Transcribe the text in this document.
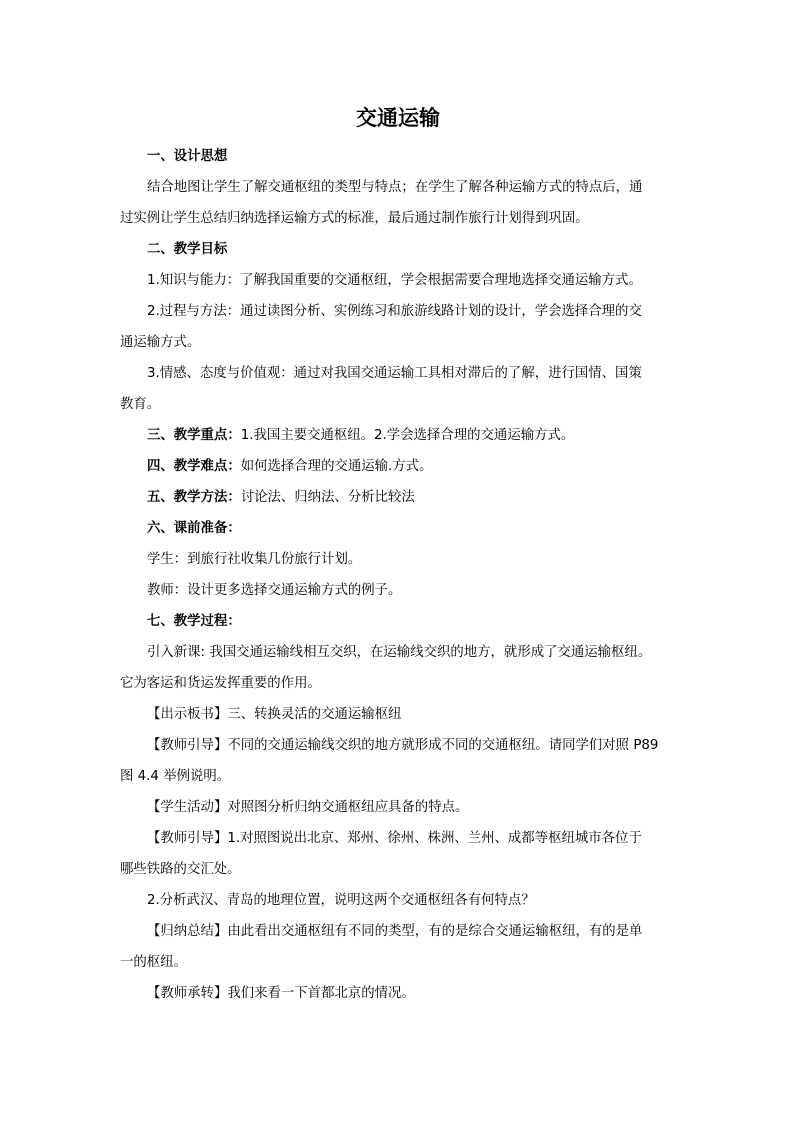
交通运输

一、设计思想

结合地图让学生了解交通枢纽的类型与特点；在学生了解各种运输方式的特点后，通

过实例让学生总结归纳选择运输方式的标准，最后通过制作旅行计划得到巩固。

二、教学目标

1.知识与能力：了解我国重要的交通枢纽，学会根据需要合理地选择交通运输方式。

2.过程与方法：通过读图分析、实例练习和旅游线路计划的设计，学会选择合理的交

通运输方式。

3.情感、态度与价值观：通过对我国交通运输工具相对滞后的了解，进行国情、国策

教育。

三、教学重点：1.我国主要交通枢纽。2.学会选择合理的交通运输方式。

四、教学难点：如何选择合理的交通运输.方式。

五、教学方法：讨论法、归纳法、分析比较法

六、课前准备：

学生：到旅行社收集几份旅行计划。

教师：设计更多选择交通运输方式的例子。

七、教学过程：

引入新课: 我国交通运输线相互交织，在运输线交织的地方，就形成了交通运输枢纽。

它为客运和货运发挥重要的作用。

【出示板书】三、转换灵活的交通运输枢纽

【教师引导】不同的交通运输线交织的地方就形成不同的交通枢纽。请同学们对照 P89

图 4.4 举例说明。

【学生活动】对照图分析归纳交通枢纽应具备的特点。

【教师引导】1.对照图说出北京、郑州、徐州、株洲、兰州、成都等枢纽城市各位于

哪些铁路的交汇处。

2.分析武汉、青岛的地理位置，说明这两个交通枢纽各有何特点？

【归纳总结】由此看出交通枢纽有不同的类型，有的是综合交通运输枢纽，有的是单

一的枢纽。

【教师承转】我们来看一下首都北京的情况。
